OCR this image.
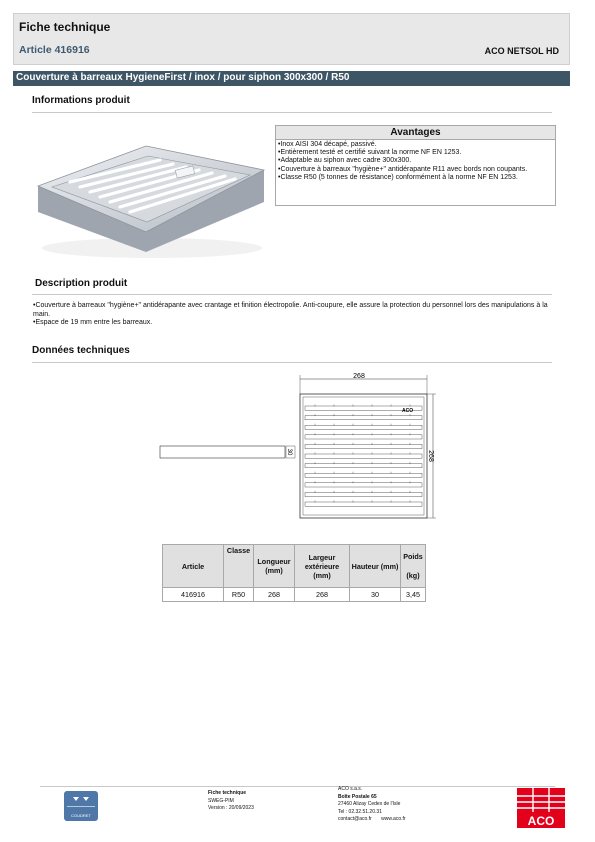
Fiche technique
Article 416916	ACO NETSOL HD
Couverture à barreaux HygieneFirst / inox / pour siphon 300x300 / R50
Informations produit
Avantages
• Inox AISI 304 décapé, passivé.
• Entièrement testé et certifié suivant la norme NF EN 1253.
• Adaptable au siphon avec cadre 300x300.
• Couverture à barreaux "hygiène+" antidérapante R11 avec bords non coupants.
• Classe R50 (5 tonnes de résistance) conformément à la norme NF EN 1253.
Description produit
• Couverture à barreaux "hygiène+" antidérapante avec crantage et finition électropolie. Anti-coupure, elle assure la protection du personnel lors des manipulations à la main.
• Espace de 19 mm entre les barreaux.
Données techniques
268
268
ACO
30
Article	Classe	Longueur (mm)	Largeur extérieure (mm)	Hauteur (mm)	Poids
(kg)

416916	R50	268	268	30	3,45
COUDRET
Fiche technique
SWEG-PIM
Version : 20/09/2023
ACO s.a.s.
Boîte Postale 65
27460 Alizay Cedex de l'Isle
Tel : 02.32.51.20.31
contact@aco.fr www.aco.fr	ACO
